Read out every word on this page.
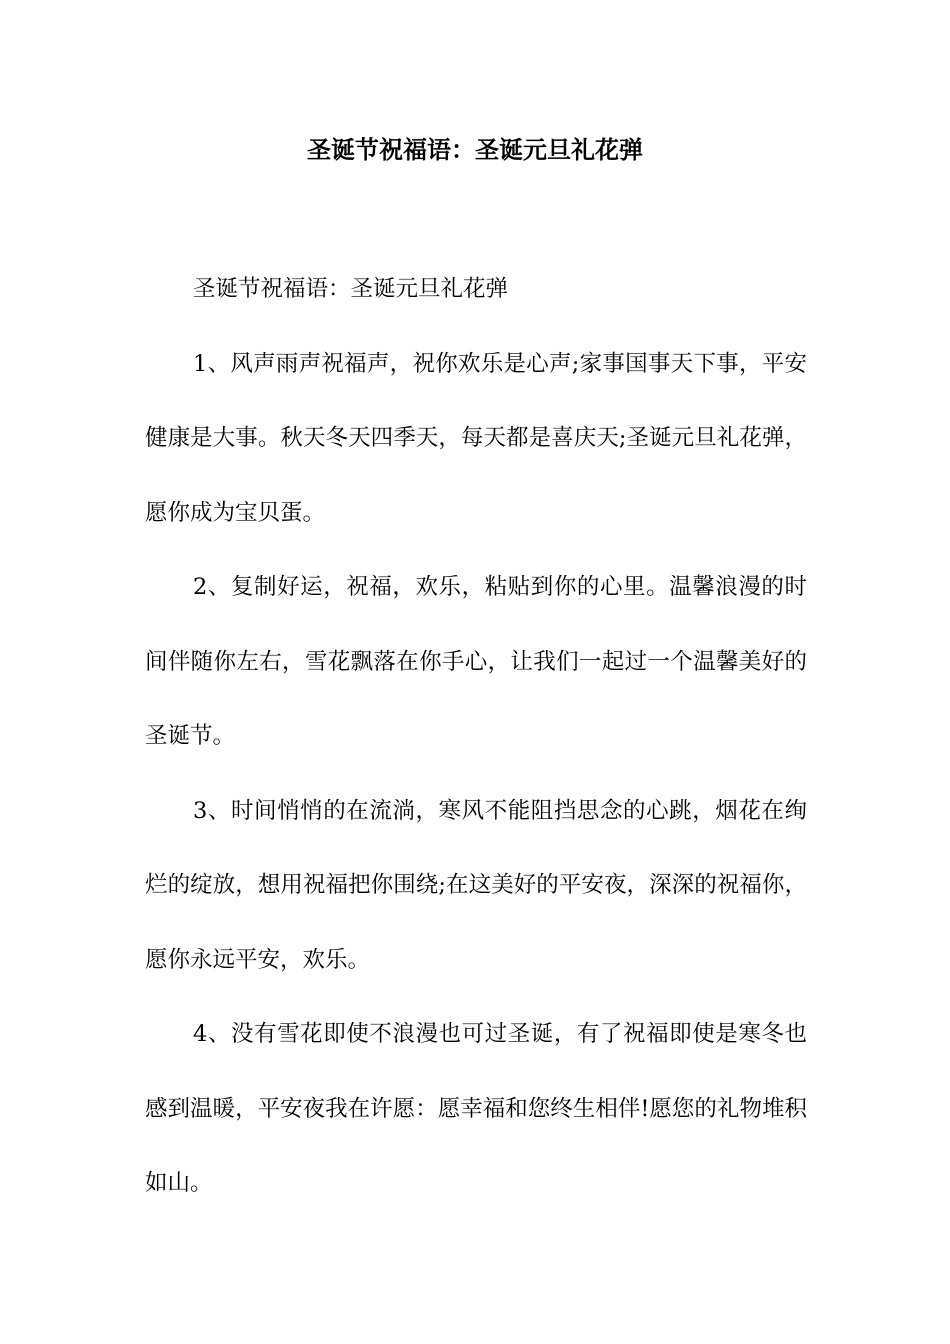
圣诞节祝福语：圣诞元旦礼花弹

圣诞节祝福语：圣诞元旦礼花弹

1、风声雨声祝福声，祝你欢乐是心声;家事国事天下事，平安健康是大事。秋天冬天四季天，每天都是喜庆天;圣诞元旦礼花弹，愿你成为宝贝蛋。

2、复制好运，祝福，欢乐，粘贴到你的心里。温馨浪漫的时间伴随你左右，雪花飘落在你手心，让我们一起过一个温馨美好的圣诞节。

3、时间悄悄的在流淌，寒风不能阻挡思念的心跳，烟花在绚烂的绽放，想用祝福把你围绕;在这美好的平安夜，深深的祝福你，愿你永远平安，欢乐。

4、没有雪花即使不浪漫也可过圣诞，有了祝福即使是寒冬也感到温暖，平安夜我在许愿：愿幸福和您终生相伴!愿您的礼物堆积如山。
